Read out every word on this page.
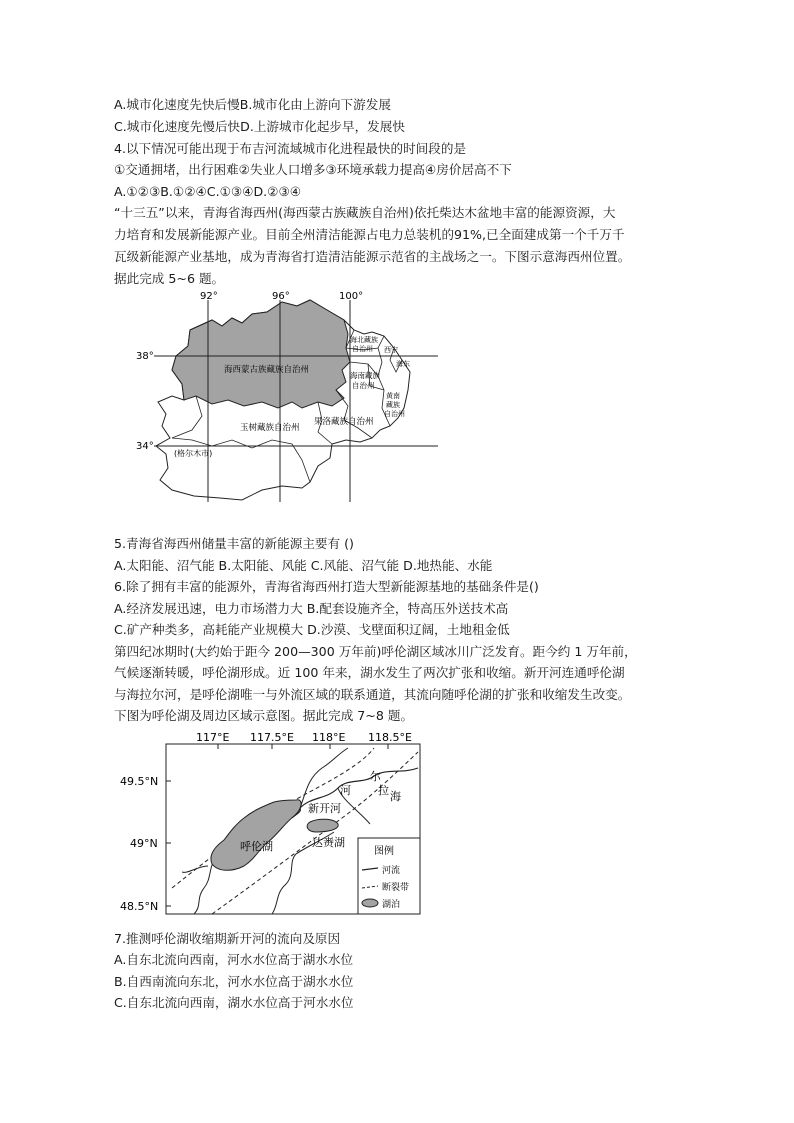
A.城市化速度先快后慢B.城市化由上游向下游发展
C.城市化速度先慢后快D.上游城市化起步早，发展快
4.以下情况可能出现于布吉河流域城市化进程最快的时间段的是
①交通拥堵，出行困难②失业人口增多③环境承载力提高④房价居高不下
A.①②③B.①②④C.①③④D.②③④
“十三五”以来，青海省海西州(海西蒙古族藏族自治州)依托柴达木盆地丰富的能源资源，大
力培育和发展新能源产业。目前全州清洁能源占电力总装机的91%,已全面建成第一个千万千
瓦级新能源产业基地，成为青海省打造清洁能源示范省的主战场之一。下图示意海西州位置。
据此完成 5~6 题。
92°	96°	100°
38°
34°
海西蒙古族藏族自治州
玉树藏族自治州
果洛藏族自治州
(格尔木市)
海北藏族
自治州
海南藏族
自治州
黄南
藏族
自治州
西宁
海东
5.青海省海西州储量丰富的新能源主要有 ()
A.太阳能、沼气能 B.太阳能、风能 C.风能、沼气能 D.地热能、水能
6.除了拥有丰富的能源外，青海省海西州打造大型新能源基地的基础条件是()
A.经济发展迅速，电力市场潜力大 B.配套设施齐全，特高压外送技术高
C.矿产种类多，高耗能产业规模大 D.沙漠、戈壁面积辽阔，土地租金低
第四纪冰期时(大约始于距今 200—300 万年前)呼伦湖区域冰川广泛发育。距今约 1 万年前，
气候逐渐转暖，呼伦湖形成。近 100 年来，湖水发生了两次扩张和收缩。新开河连通呼伦湖
与海拉尔河，是呼伦湖唯一与外流区域的联系通道，其流向随呼伦湖的扩张和收缩发生改变。
下图为呼伦湖及周边区域示意图。据此完成 7~8 题。
117°E 117.5°E 118°E 118.5°E
49.5°N
49°N
48.5°N
呼伦湖	达赉湖
新开河
河
尔
拉 海
图例
河流
断裂带
湖泊
7.推测呼伦湖收缩期新开河的流向及原因
A.自东北流向西南，河水水位高于湖水水位
B.自西南流向东北，河水水位高于湖水水位
C.自东北流向西南，湖水水位高于河水水位
